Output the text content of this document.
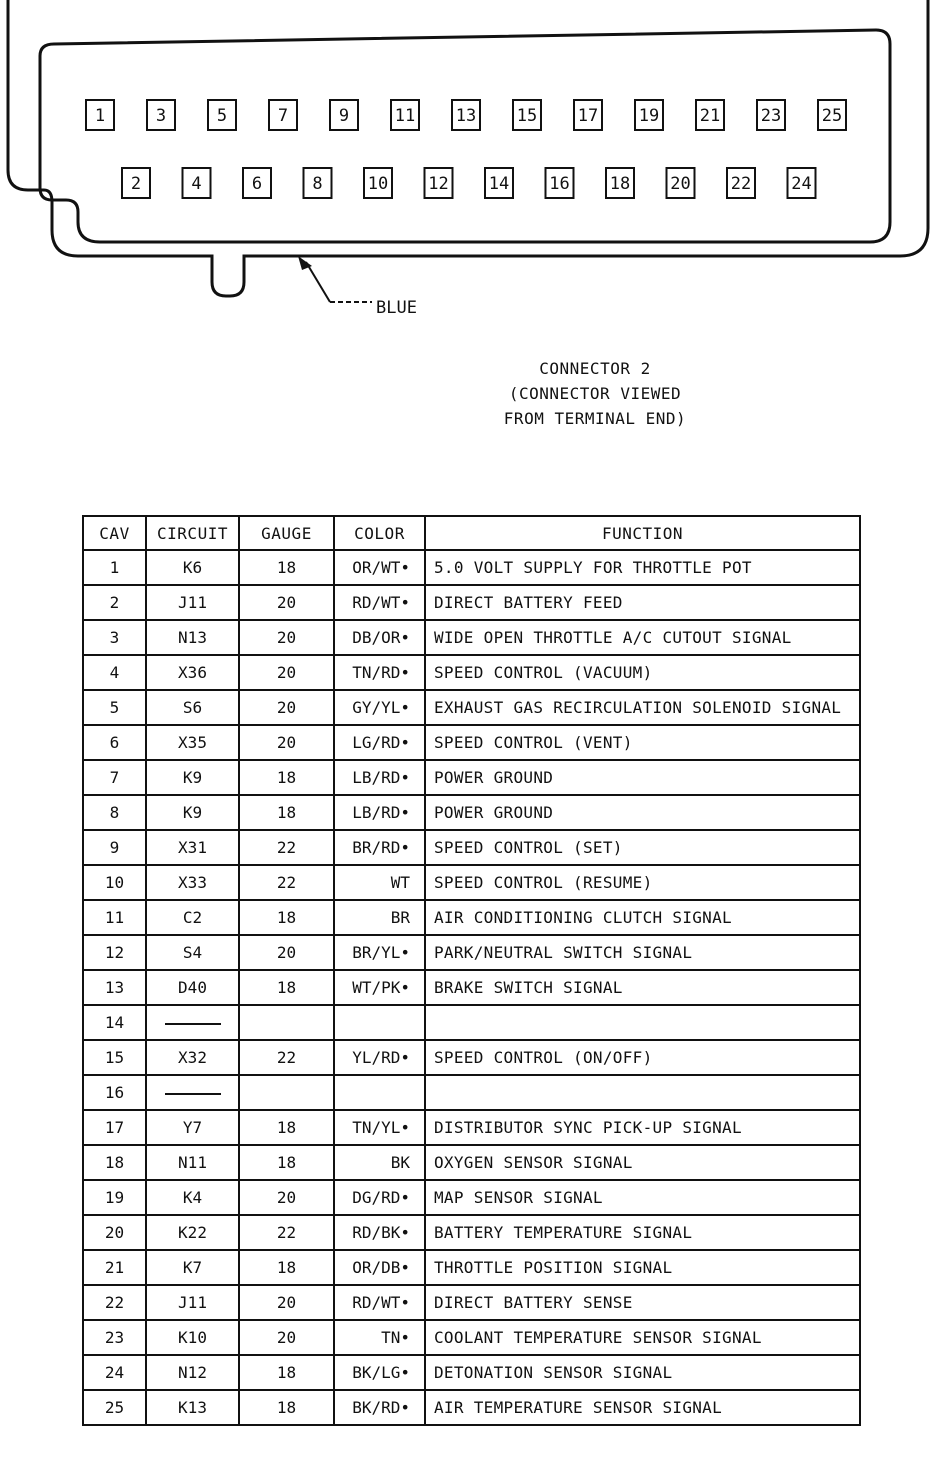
1	3	5	7	9	11 13 15 17 19 21 23 25
2	4	6	8	10 12 14 16 18 20 22 24
BLUE
CONNECTOR 2
(CONNECTOR VIEWED
FROM TERMINAL END)
CAV	CIRCUIT	GAUGE	COLOR	FUNCTION
1	K6	18	OR/WT•	5.0 VOLT SUPPLY FOR THROTTLE POT
2	J11	20	RD/WT•	DIRECT BATTERY FEED
3	N13	20	DB/OR•	WIDE OPEN THROTTLE A/C CUTOUT SIGNAL
4	X36	20	TN/RD•	SPEED CONTROL (VACUUM)
5	S6	20	GY/YL•	EXHAUST GAS RECIRCULATION SOLENOID SIGNAL
6	X35	20	LG/RD•	SPEED CONTROL (VENT)
7	K9	18	LB/RD•	POWER GROUND
8	K9	18	LB/RD•	POWER GROUND
9	X31	22	BR/RD•	SPEED CONTROL (SET)
10	X33	22	WT	SPEED CONTROL (RESUME)
11	C2	18	BR	AIR CONDITIONING CLUTCH SIGNAL
12	S4	20	BR/YL•	PARK/NEUTRAL SWITCH SIGNAL
13	D40	18	WT/PK•	BRAKE SWITCH SIGNAL
14				
15	X32	22	YL/RD•	SPEED CONTROL (ON/OFF)
16				
17	Y7	18	TN/YL•	DISTRIBUTOR SYNC PICK-UP SIGNAL
18	N11	18	BK	OXYGEN SENSOR SIGNAL
19	K4	20	DG/RD•	MAP SENSOR SIGNAL
20	K22	22	RD/BK•	BATTERY TEMPERATURE SIGNAL
21	K7	18	OR/DB•	THROTTLE POSITION SIGNAL
22	J11	20	RD/WT•	DIRECT BATTERY SENSE
23	K10	20	TN•	COOLANT TEMPERATURE SENSOR SIGNAL
24	N12	18	BK/LG•	DETONATION SENSOR SIGNAL
25	K13	18	BK/RD•	AIR TEMPERATURE SENSOR SIGNAL
